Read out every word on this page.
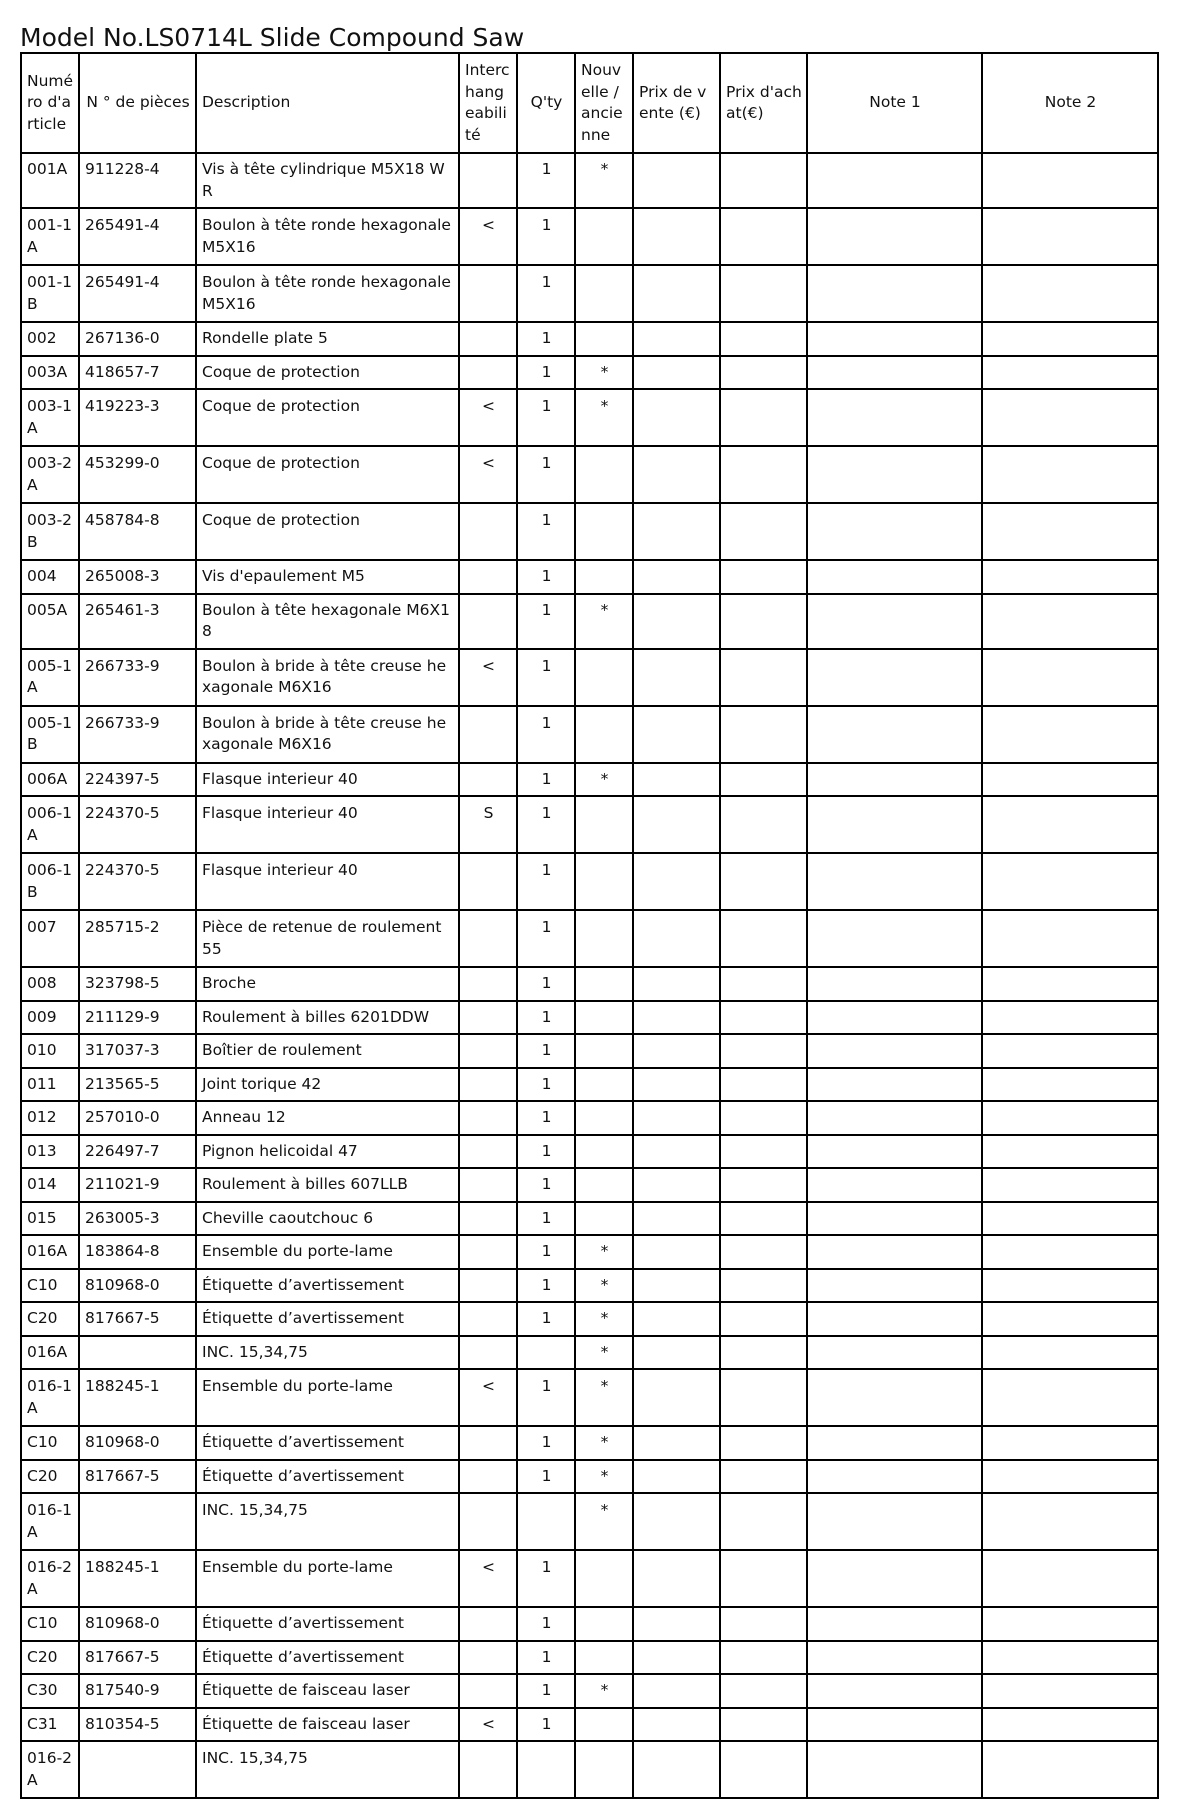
Model No.LS0714L Slide Compound Saw
Numéro d'article	N ° de pièces	Description	Interchangeabilité	Q'ty	Nouvelle / ancienne	Prix de vente (€)	Prix d'achat(€)	Note 1	Note 2
001A	911228-4	Vis à tête cylindrique M5X18 WR		1	*				
001-1A	265491-4	Boulon à tête ronde hexagonale M5X16	<	1					
001-1B	265491-4	Boulon à tête ronde hexagonale M5X16		1					
002	267136-0	Rondelle plate 5		1					
003A	418657-7	Coque de protection		1	*				
003-1A	419223-3	Coque de protection	<	1	*				
003-2A	453299-0	Coque de protection	<	1					
003-2B	458784-8	Coque de protection		1					
004	265008-3	Vis d'epaulement M5		1					
005A	265461-3	Boulon à tête hexagonale M6X18		1	*				
005-1A	266733-9	Boulon à bride à tête creuse hexagonale M6X16	<	1					
005-1B	266733-9	Boulon à bride à tête creuse hexagonale M6X16		1					
006A	224397-5	Flasque interieur 40		1	*				
006-1A	224370-5	Flasque interieur 40	S	1					
006-1B	224370-5	Flasque interieur 40		1					
007	285715-2	Pièce de retenue de roulement 55		1					
008	323798-5	Broche		1					
009	211129-9	Roulement à billes 6201DDW		1					
010	317037-3	Boîtier de roulement		1					
011	213565-5	Joint torique 42		1					
012	257010-0	Anneau 12		1					
013	226497-7	Pignon helicoidal 47		1					
014	211021-9	Roulement à billes 607LLB		1					
015	263005-3	Cheville caoutchouc 6		1					
016A	183864-8	Ensemble du porte-lame		1	*				
C10	810968-0	Étiquette d’avertissement		1	*				
C20	817667-5	Étiquette d’avertissement		1	*				
016A		INC. 15,34,75			*				
016-1A	188245-1	Ensemble du porte-lame	<	1	*				
C10	810968-0	Étiquette d’avertissement		1	*				
C20	817667-5	Étiquette d’avertissement		1	*				
016-1A		INC. 15,34,75			*				
016-2A	188245-1	Ensemble du porte-lame	<	1					
C10	810968-0	Étiquette d’avertissement		1					
C20	817667-5	Étiquette d’avertissement		1					
C30	817540-9	Étiquette de faisceau laser		1	*				
C31	810354-5	Étiquette de faisceau laser	<	1					
016-2A		INC. 15,34,75							
